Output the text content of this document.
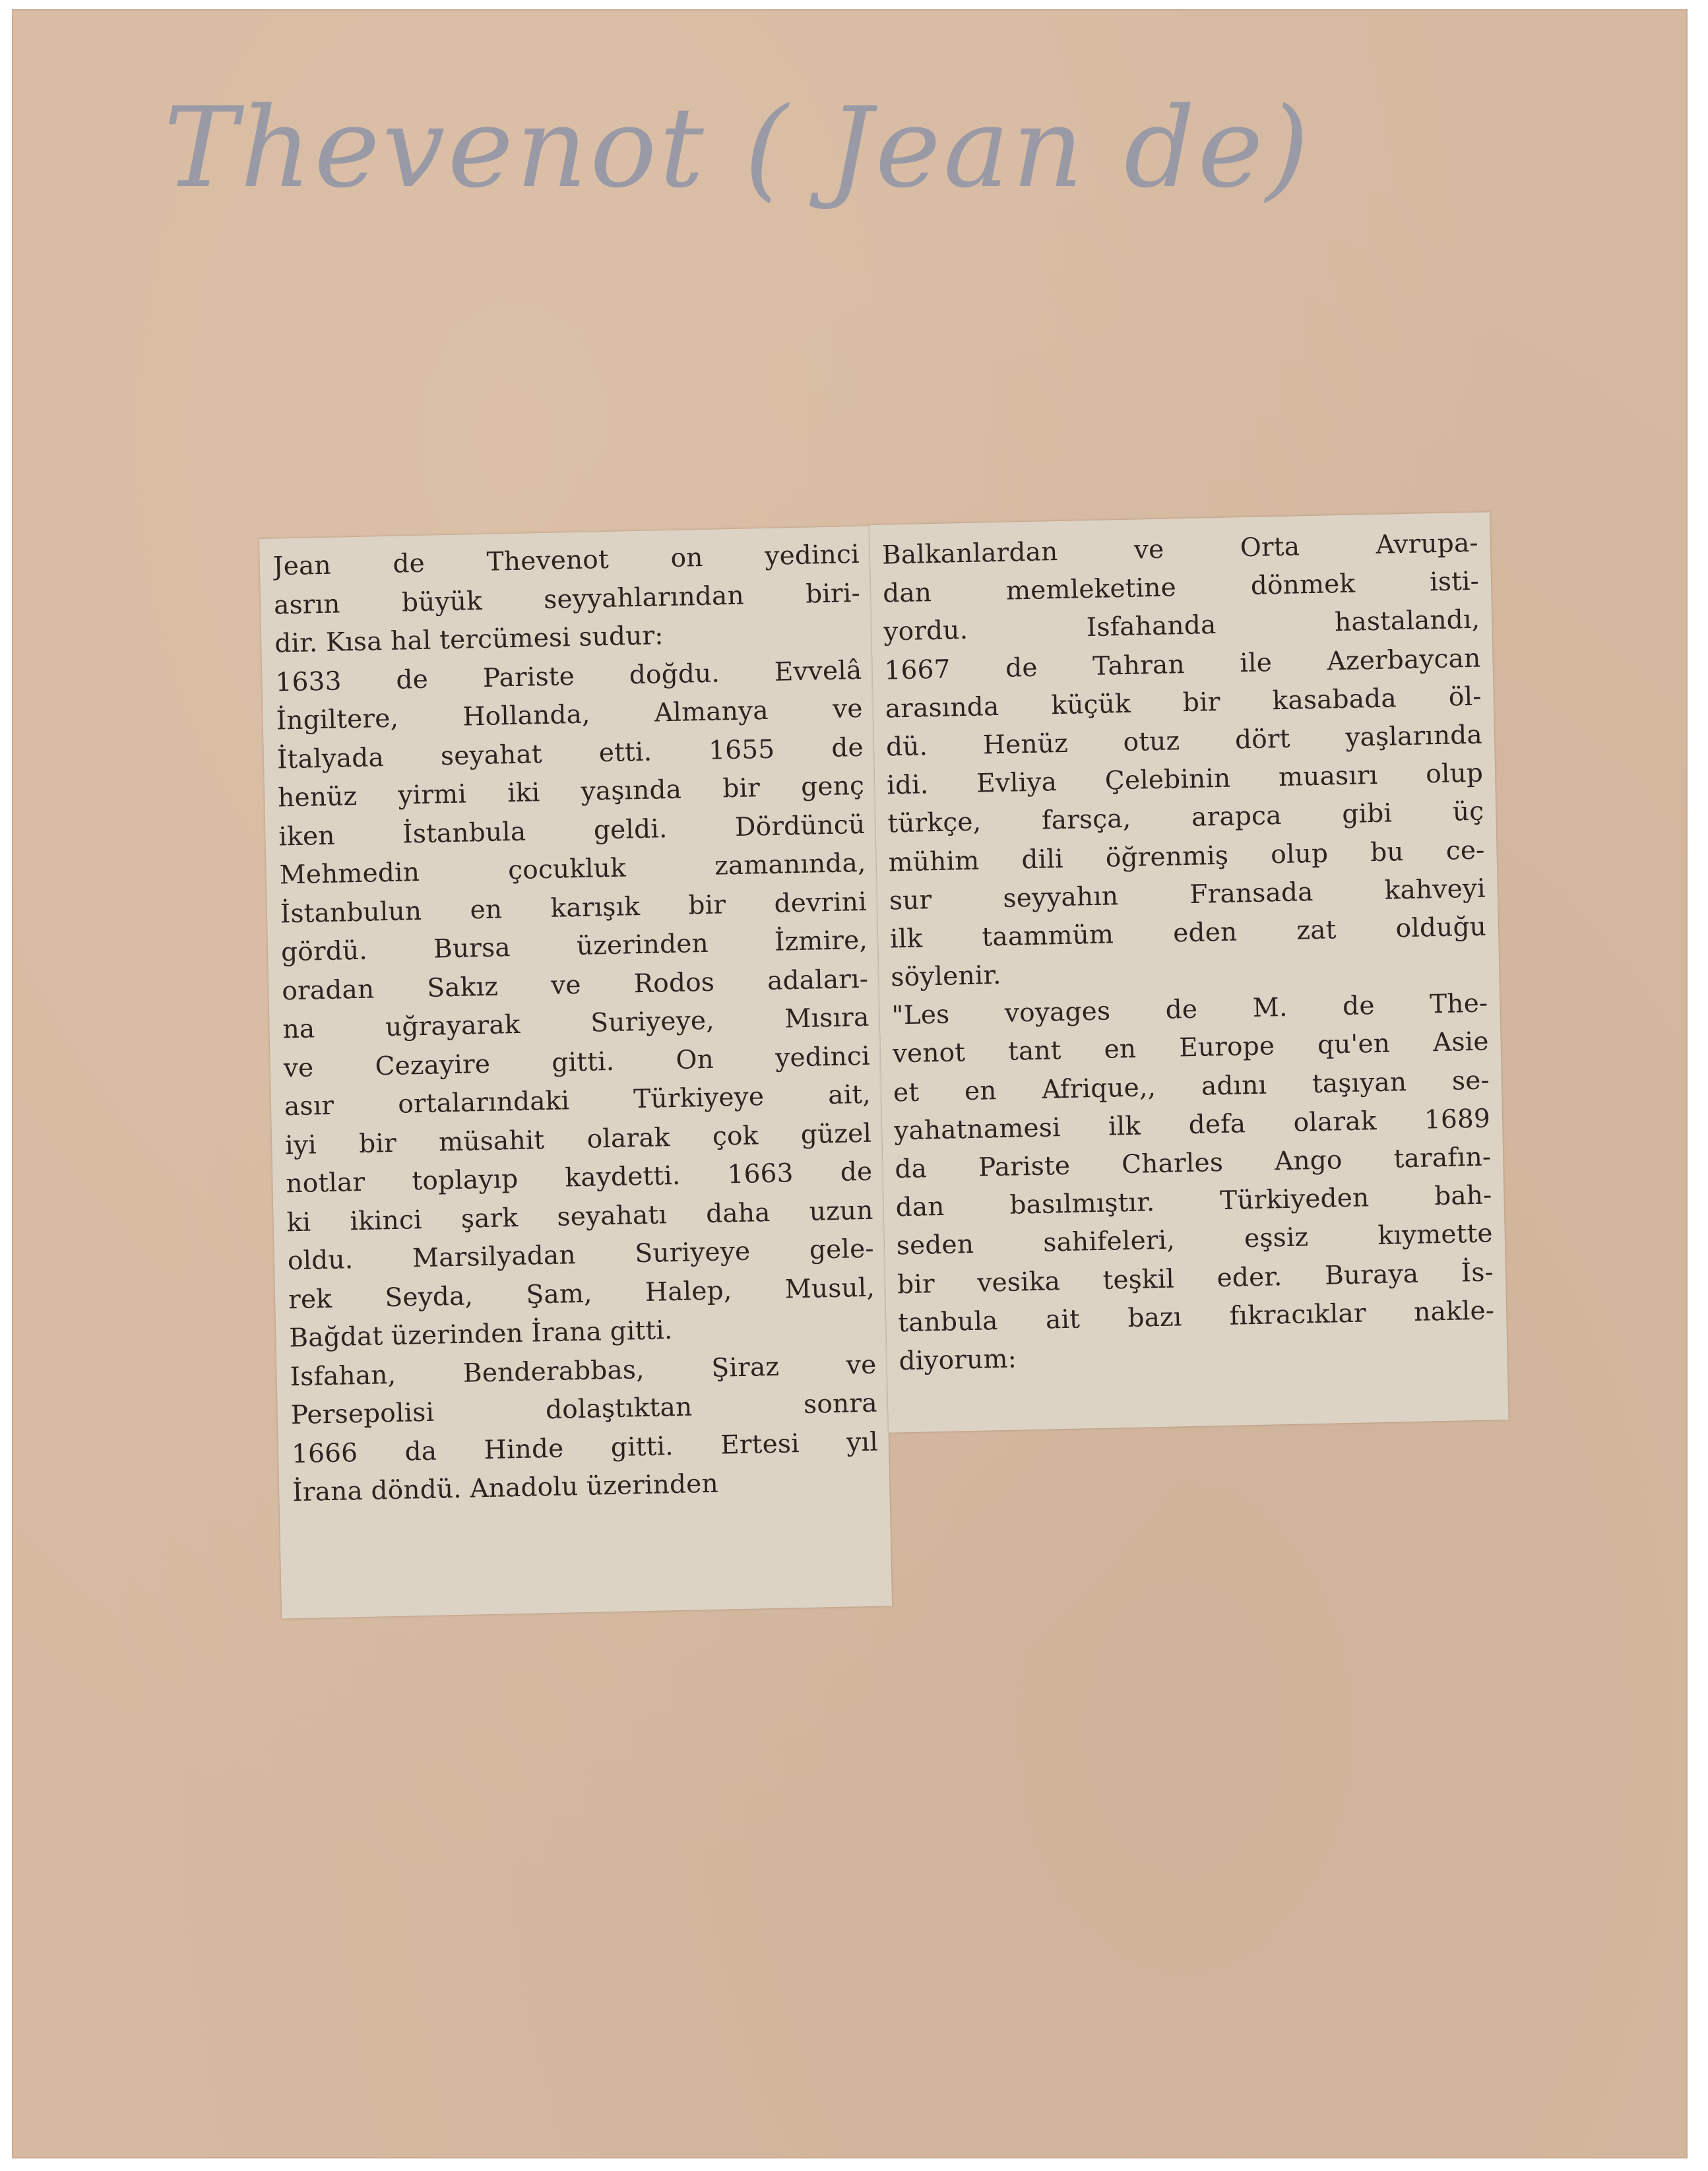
Thevenot ( Jean de)
Jean de Thevenot on yedinci
asrın büyük seyyahlarından biri-
dir. Kısa hal tercümesi sudur:
1633 de Pariste doğdu. Evvelâ
İngiltere, Hollanda, Almanya ve
İtalyada seyahat etti. 1655 de
henüz yirmi iki yaşında bir genç
iken İstanbula geldi. Dördüncü
Mehmedin çocukluk zamanında,
İstanbulun en karışık bir devrini
gördü. Bursa üzerinden İzmire,
oradan Sakız ve Rodos adaları-
na uğrayarak Suriyeye, Mısıra
ve Cezayire gitti. On yedinci
asır ortalarındaki Türkiyeye ait,
iyi bir müsahit olarak çok güzel
notlar toplayıp kaydetti. 1663 de
ki ikinci şark seyahatı daha uzun
oldu. Marsilyadan Suriyeye gele-
rek Seyda, Şam, Halep, Musul,
Bağdat üzerinden İrana gitti.
Isfahan, Benderabbas, Şiraz ve
Persepolisi dolaştıktan sonra
1666 da Hinde gitti. Ertesi yıl
İrana döndü. Anadolu üzerinden
Balkanlardan ve Orta Avrupa-
dan memleketine dönmek isti-
yordu. Isfahanda hastalandı,
1667 de Tahran ile Azerbaycan
arasında küçük bir kasabada öl-
dü. Henüz otuz dört yaşlarında
idi. Evliya Çelebinin muasırı olup
türkçe, farsça, arapca gibi üç
mühim dili öğrenmiş olup bu ce-
sur seyyahın Fransada kahveyi
ilk taammüm eden zat olduğu
söylenir.
"Les voyages de M. de The-
venot tant en Europe qu'en Asie
et en Afrique,, adını taşıyan se-
yahatnamesi ilk defa olarak 1689
da Pariste Charles Ango tarafın-
dan basılmıştır. Türkiyeden bah-
seden sahifeleri, eşsiz kıymette
bir vesika teşkil eder. Buraya İs-
tanbula ait bazı fıkracıklar nakle-
diyorum:
